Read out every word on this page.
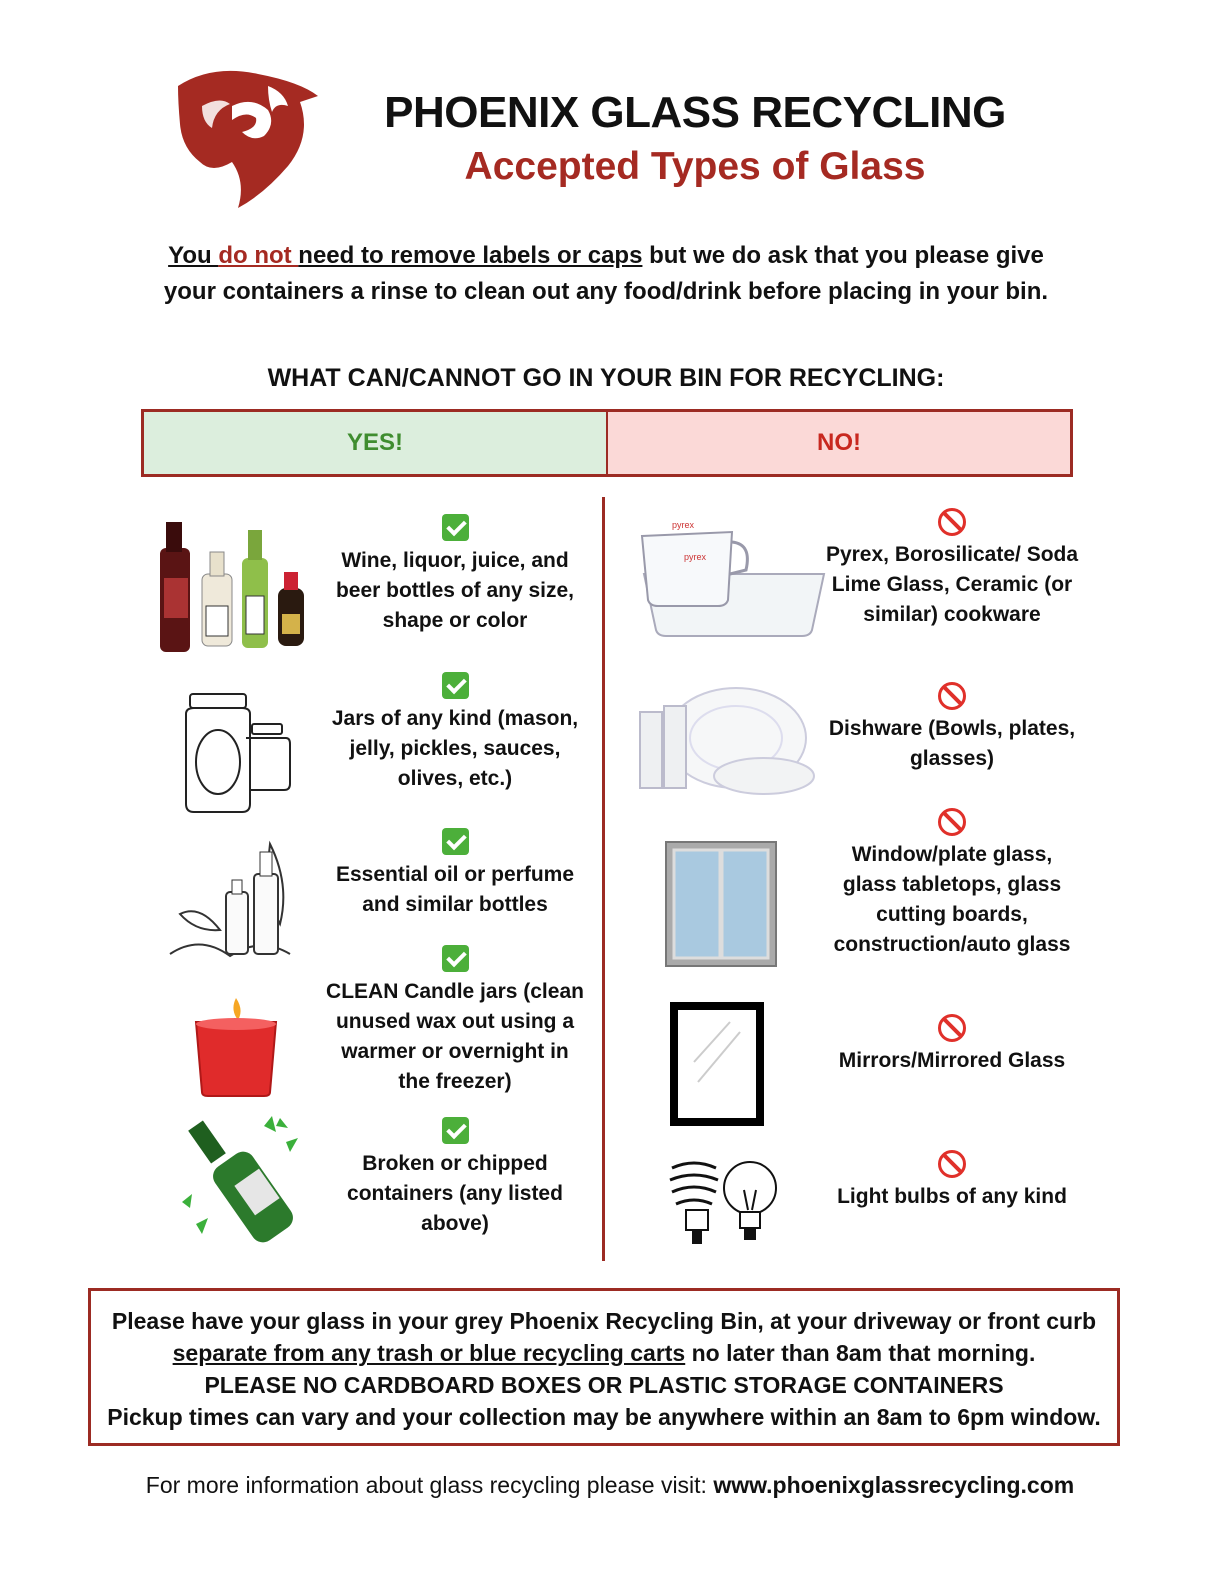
PHOENIX GLASS RECYCLING
Accepted Types of Glass
You do not need to remove labels or caps but we do ask that you please give your containers a rinse to clean out any food/drink before placing in your bin.
WHAT CAN/CANNOT GO IN YOUR BIN FOR RECYCLING:
YES!	NO!
Wine, liquor, juice, and beer bottles of any size, shape or color
Jars of any kind (mason, jelly, pickles, sauces, olives, etc.)
Essential oil or perfume and similar bottles
CLEAN Candle jars (clean unused wax out using a warmer or overnight in the freezer)
Broken or chipped containers (any listed above)
pyrex
pyrex	Pyrex, Borosilicate/ Soda Lime Glass, Ceramic (or similar) cookware
Dishware (Bowls, plates, glasses)
Window/plate glass, glass tabletops, glass cutting boards, construction/auto glass
Mirrors/Mirrored Glass
Light bulbs of any kind
Please have your glass in your grey Phoenix Recycling Bin, at your driveway or front curb
separate from any trash or blue recycling carts no later than 8am that morning.
PLEASE NO CARDBOARD BOXES OR PLASTIC STORAGE CONTAINERS
Pickup times can vary and your collection may be anywhere within an 8am to 6pm window.
For more information about glass recycling please visit: www.phoenixglassrecycling.com
